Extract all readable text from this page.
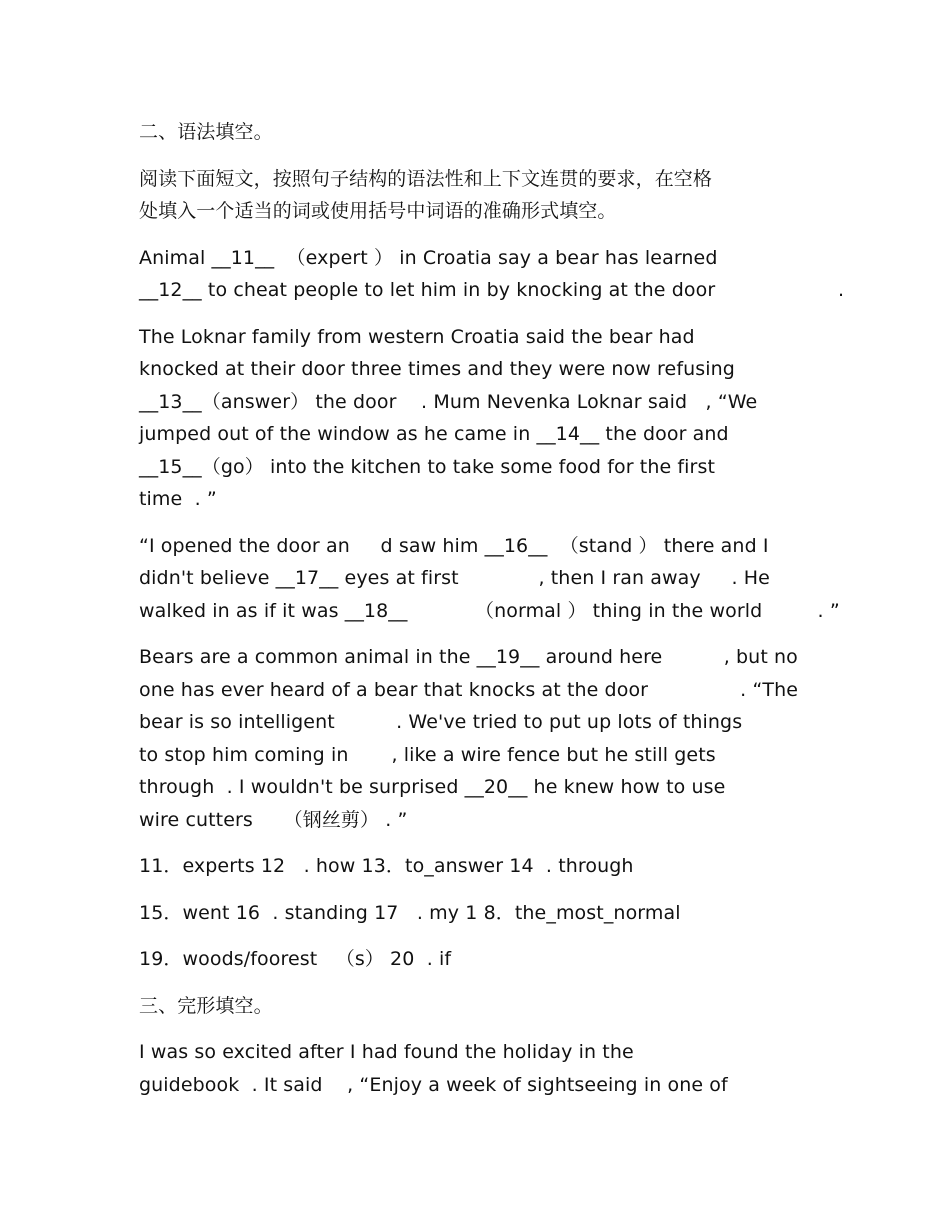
二、语法填空。
阅读下面短文，按照句子结构的语法性和上下文连贯的要求，在空格
处填入一个适当的词或使用括号中词语的准确形式填空。
Animal __11__  （expert ） in Croatia say a bear has learned
__12__ to cheat people to let him in by knocking at the door                    .
The Loknar family from western Croatia said the bear had
knocked at their door three times and they were now refusing
__13__（answer） the door    . Mum Nevenka Loknar said   , “We
jumped out of the window as he came in __14__ the door and
__15__（go） into the kitchen to take some food for the first
time  . ”
“I opened the door an     d saw him __16__  （stand ） there and I
didn't believe __17__ eyes at first             , then I ran away     . He
walked in as if it was __18__           （normal ） thing in the world         . ”
Bears are a common animal in the __19__ around here          , but no
one has ever heard of a bear that knocks at the door               . “The
bear is so intelligent          . We've tried to put up lots of things
to stop him coming in       , like a wire fence but he still gets
through  . I wouldn't be surprised __20__ he knew how to use
wire cutters     （钢丝剪） . ”
11．experts 12   . how 13．to_answer 14  . through
15．went 16  . standing 17   . my 1 8．the_most_normal
19．woods/foorest   （s） 20  . if
三、完形填空。
I was so excited after I had found the holiday in the
guidebook  . It said    , “Enjoy a week of sightseeing in one of
